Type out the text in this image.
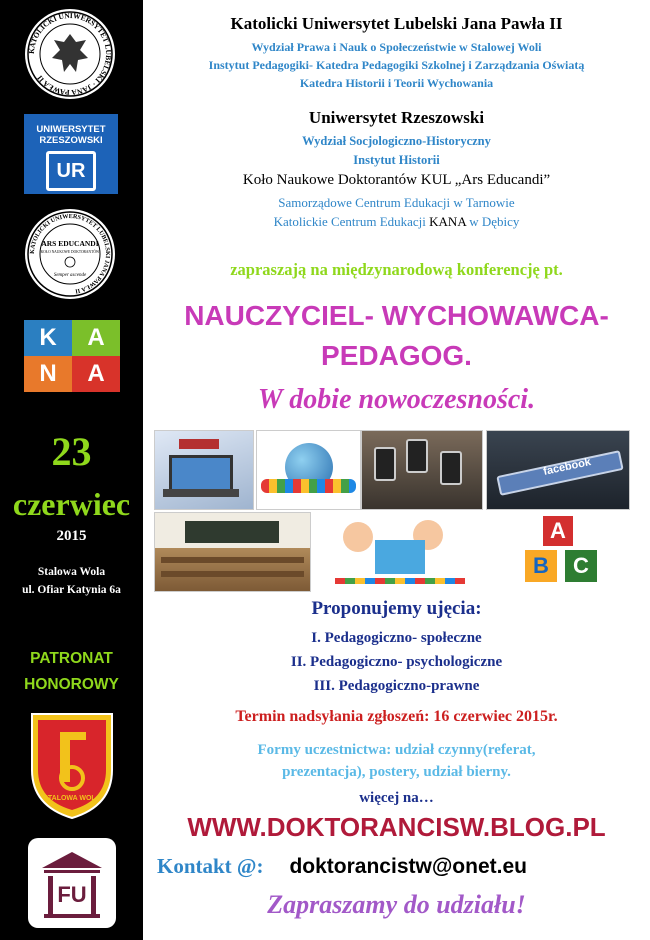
KATOLICKI UNIWERSYTET LUBELSKI · JANA PAWŁA II
UNIWERSYTET
RZESZOWSKI
UR
KATOLICKI UNIWERSYTET LUBELSKI JANA PAWŁA II
ARS EDUCANDI
KOŁO NAUKOWE DOKTORANTÓW
Semper ascende
K	A
N	A
23
czerwiec
2015
Stalowa Wola
ul. Ofiar Katynia 6a
PATRONAT
HONOROWY
STALOWA WOLA
FU
Katolicki Uniwersytet Lubelski Jana Pawła II
Wydział Prawa i Nauk o Społeczeństwie w Stalowej Woli
Instytut Pedagogiki- Katedra Pedagogiki Szkolnej i Zarządzania Oświatą
Katedra Historii i Teorii Wychowania
Uniwersytet Rzeszowski
Wydział Socjologiczno-Historyczny
Instytut Historii
Koło Naukowe Doktorantów KUL „Ars Educandi”
Samorządowe Centrum Edukacji w Tarnowie
Katolickie Centrum Edukacji KANA w Dębicy
zapraszają na międzynarodową konferencję pt.
NAUCZYCIEL- WYCHOWAWCA-
PEDAGOG.
W dobie nowoczesności.
facebook
A
B	C
Proponujemy ujęcia:
I. Pedagogiczno- społeczne
II. Pedagogiczno- psychologiczne
III. Pedagogiczno-prawne
Termin nadsyłania zgłoszeń: 16 czerwiec 2015r.
Formy uczestnictwa: udział czynny(referat,
prezentacja), postery, udział bierny.
więcej na…
WWW.DOKTORANCISW.BLOG.PL
Kontakt @: doktorancistw@onet.eu
Zapraszamy do udziału!
